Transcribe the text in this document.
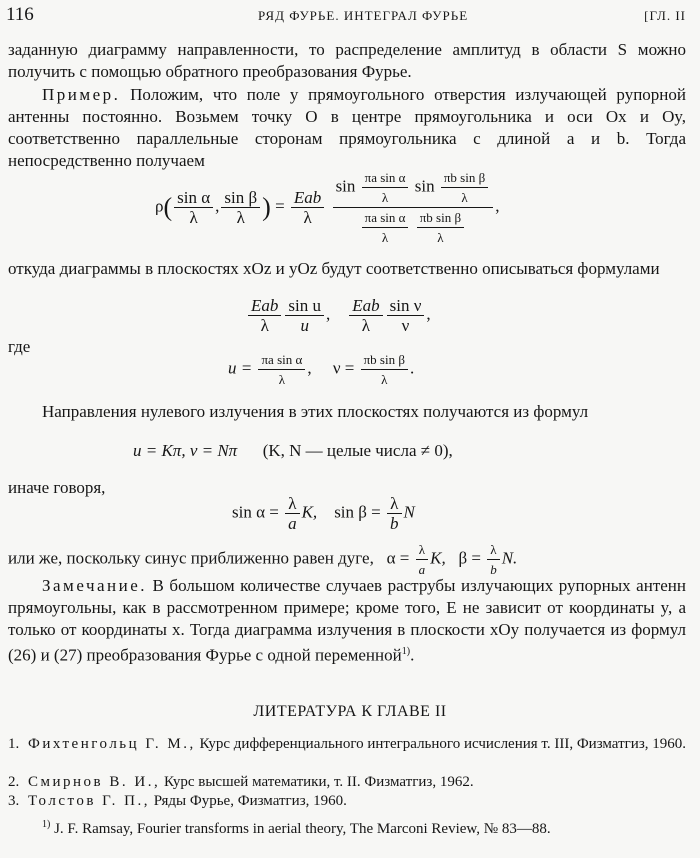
116	РЯД ФУРЬЕ. ИНТЕГРАЛ ФУРЬЕ	[ГЛ. II
заданную диаграмму направленности, то распределение амплитуд в области S можно получить с помощью обратного преобразования Фурье.
Пример. Положим, что поле у прямоугольного отверстия излучающей рупорной антенны постоянно. Возьмем точку O в центре прямоугольника и оси Ox и Oy, соответственно параллельные сторонам прямоугольника с длиной a и b. Тогда непосредственно получаем
$\rho( \frac{\text{sin α}}{\lambda}$ , $\frac{\text{sin β}}{\lambda}$ ) = $\frac{\text{Eab}}{\lambda}$
$\sin \frac{\text{πa sin α}}{\lambda}$ $\sin \frac{\text{πb sin β}}{\lambda}$
$\frac{\text{πa sin α}}{\lambda}$
$\frac{\text{πb sin β}}{\lambda}$ ,
откуда диаграммы в плоскостях xOz и yOz будут соответственно описываться формулами
$\frac{\text{Eab}}{\lambda} \frac{\text{sin u}}{u}$ , $\frac{\text{Eab}}{\lambda} \frac{\text{sin ν}}{\nu}$ ,
где
$u = \frac{\text{πa sin α}}{\lambda}$ ,     $\nu = \frac{\text{πb sin β}}{\lambda}$ .
Направления нулевого излучения в этих плоскостях получаются из формул
u = Kπ, ν = Nπ (K, N — целые числа ≠ 0),
иначе говоря,
$\sin \alpha = \frac{\lambda}{a} K$, $\sin \beta = \frac{\lambda}{b}$ N
или же, поскольку синус приближенно равен дуге, $\alpha = \frac{\lambda}{a} K$, $\beta = \frac{\lambda}{b} N$.
Замечание. В большом количестве случаев раструбы излучающих рупорных антенн прямоугольны, как в рассмотренном примере; кроме того, E не зависит от координаты y, а только от координаты x. Тогда диаграмма излучения в плоскости xOy получается из формул (26) и (27) преобразования Фурье с одной переменной$^{1)}$.
ЛИТЕРАТУРА К ГЛАВЕ II
1. Фихтенгольц Г. М., Курс дифференциального интегрального исчисления т. III, Физматгиз, 1960.
2. Смирнов В. И., Курс высшей математики, т. II. Физматгиз, 1962.
3. Толстов Г. П., Ряды Фурье, Физматгиз, 1960.
$^{1)}$ J. F. Ramsay, Fourier transforms in aerial theory, The Marconi Review, № 83—88.
